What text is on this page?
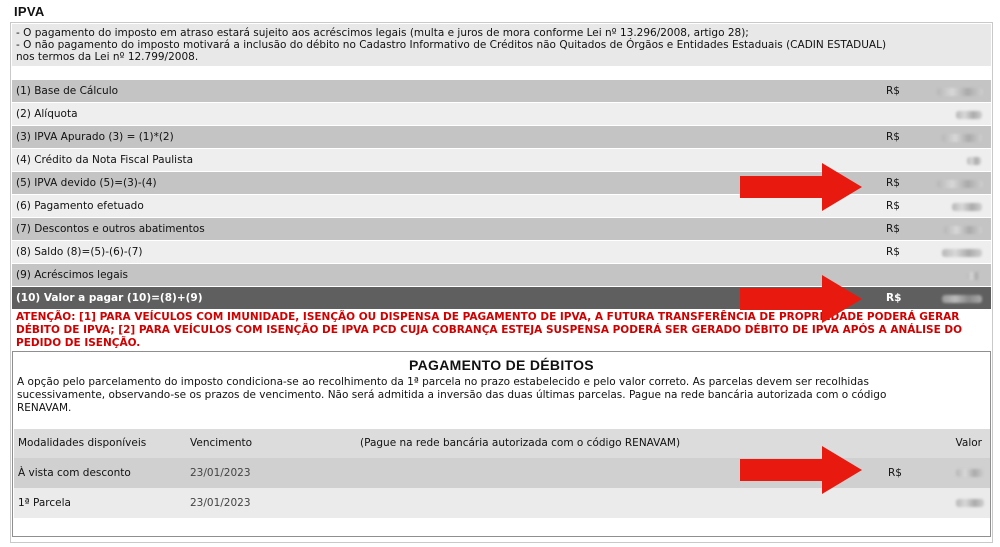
IPVA
- O pagamento do imposto em atraso estará sujeito aos acréscimos legais (multa e juros de mora conforme Lei nº 13.296/2008, artigo 28);
- O não pagamento do imposto motivará a inclusão do débito no Cadastro Informativo de Créditos não Quitados de Órgãos e Entidades Estaduais (CADIN ESTADUAL)
nos termos da Lei nº 12.799/2008.
(1) Base de Cálculo	R$
(2) Alíquota
(3) IPVA Apurado (3) = (1)*(2)	R$
(4) Crédito da Nota Fiscal Paulista
(5) IPVA devido (5)=(3)-(4)	R$
(6) Pagamento efetuado	R$
(7) Descontos e outros abatimentos	R$
(8) Saldo (8)=(5)-(6)-(7)	R$
(9) Acréscimos legais
(10) Valor a pagar (10)=(8)+(9)	R$
ATENÇÃO: [1] PARA VEÍCULOS COM IMUNIDADE, ISENÇÃO OU DISPENSA DE PAGAMENTO DE IPVA, A FUTURA TRANSFERÊNCIA DE PROPRIEDADE PODERÁ GERAR
DÉBITO DE IPVA; [2] PARA VEÍCULOS COM ISENÇÃO DE IPVA PCD CUJA COBRANÇA ESTEJA SUSPENSA PODERÁ SER GERADO DÉBITO DE IPVA APÓS A ANÁLISE DO
PEDIDO DE ISENÇÃO.
PAGAMENTO DE DÉBITOS
A opção pelo parcelamento do imposto condiciona-se ao recolhimento da 1ª parcela no prazo estabelecido e pelo valor correto. As parcelas devem ser recolhidas
sucessivamente, observando-se os prazos de vencimento. Não será admitida a inversão das duas últimas parcelas. Pague na rede bancária autorizada com o código
RENAVAM.
Modalidades disponíveis	Vencimento	(Pague na rede bancária autorizada com o código RENAVAM)	Valor
À vista com desconto	23/01/2023	R$
1ª Parcela	23/01/2023
